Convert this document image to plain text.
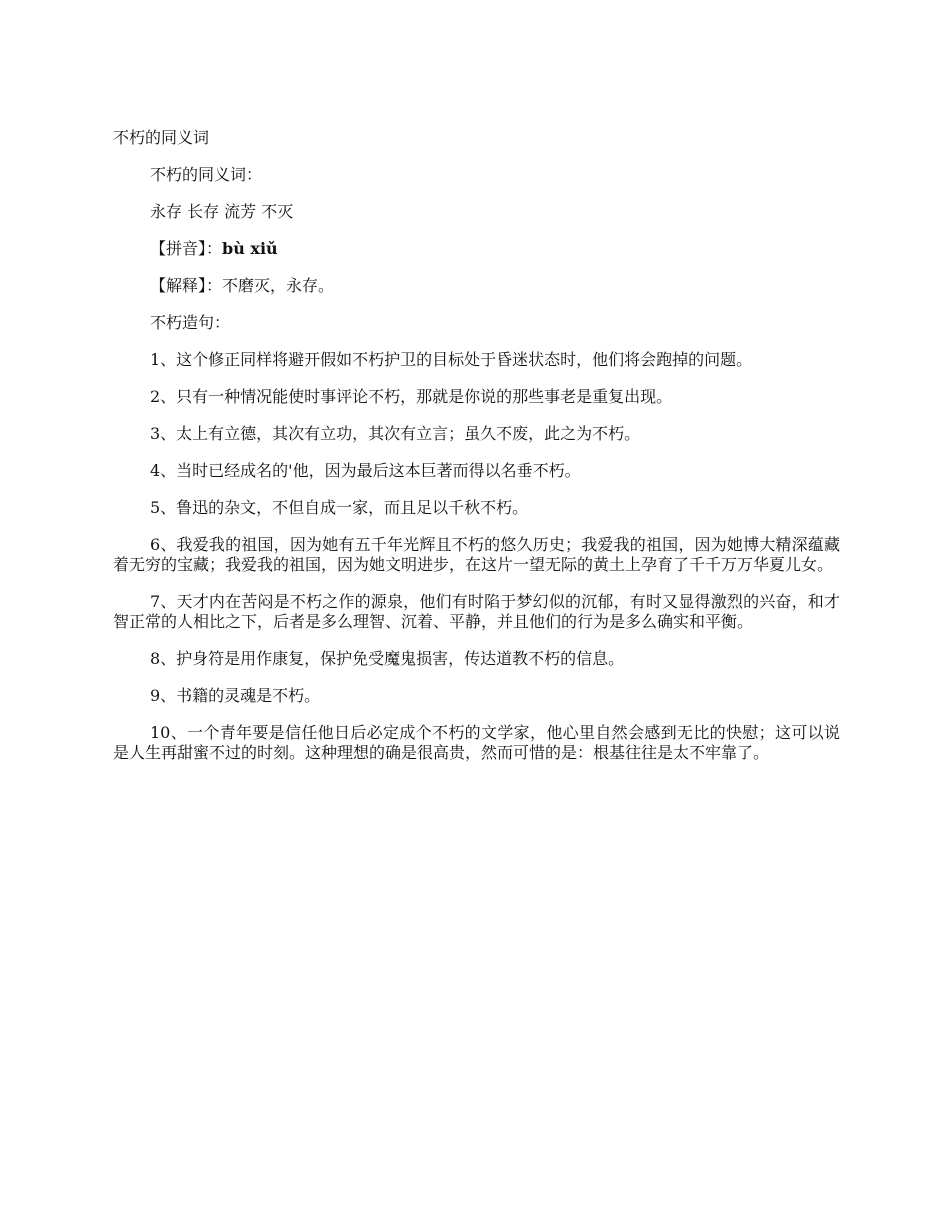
不朽的同义词

不朽的同义词：

永存 长存 流芳 不灭

【拼音】：bù xiǔ

【解释】：不磨灭，永存。

不朽造句：

1、这个修正同样将避开假如不朽护卫的目标处于昏迷状态时，他们将会跑掉的问题。

2、只有一种情况能使时事评论不朽，那就是你说的那些事老是重复出现。

3、太上有立德，其次有立功，其次有立言；虽久不废，此之为不朽。

4、当时已经成名的'他，因为最后这本巨著而得以名垂不朽。

5、鲁迅的杂文，不但自成一家，而且足以千秋不朽。

6、我爱我的祖国，因为她有五千年光辉且不朽的悠久历史；我爱我的祖国，因为她博大精深蕴藏着无穷的宝藏；我爱我的祖国，因为她文明进步，在这片一望无际的黄土上孕育了千千万万华夏儿女。

7、天才内在苦闷是不朽之作的源泉，他们有时陷于梦幻似的沉郁，有时又显得激烈的兴奋，和才智正常的人相比之下，后者是多么理智、沉着、平静，并且他们的行为是多么确实和平衡。

8、护身符是用作康复，保护免受魔鬼损害，传达道教不朽的信息。

9、书籍的灵魂是不朽。

10、一个青年要是信任他日后必定成个不朽的文学家，他心里自然会感到无比的快慰；这可以说是人生再甜蜜不过的时刻。这种理想的确是很高贵，然而可惜的是：根基往往是太不牢靠了。
